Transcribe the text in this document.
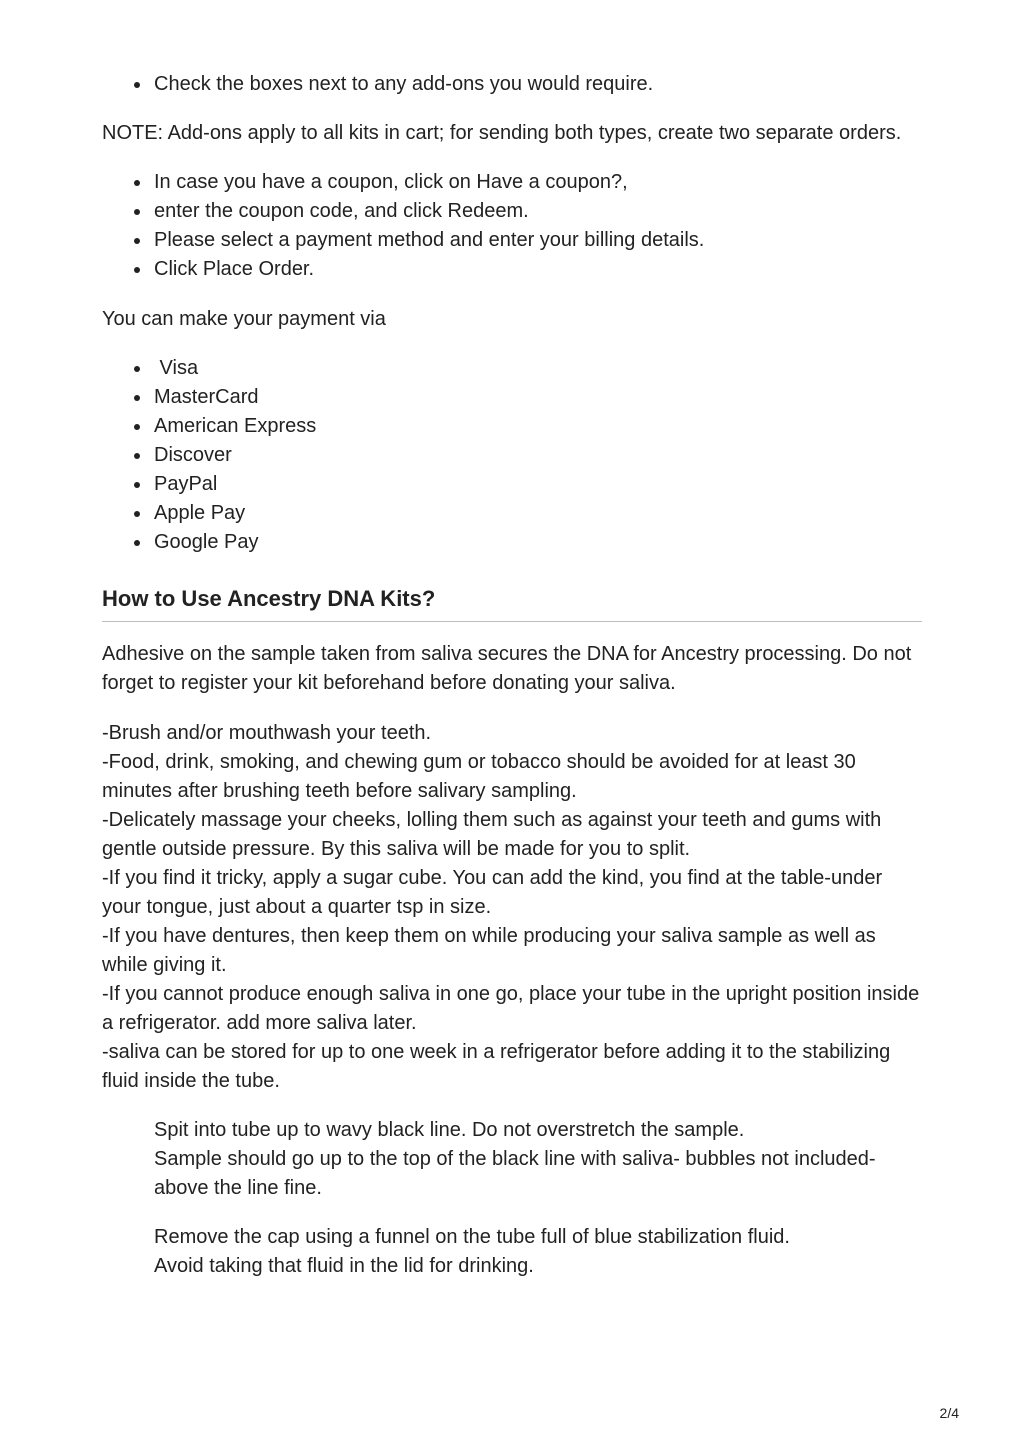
Check the boxes next to any add-ons you would require.

NOTE: Add-ons apply to all kits in cart; for sending both types, create two separate orders.

In case you have a coupon, click on Have a coupon?,
enter the coupon code, and click Redeem.
Please select a payment method and enter your billing details.
Click Place Order.

You can make your payment via

Visa
MasterCard
American Express
Discover
PayPal
Apple Pay
Google Pay
How to Use Ancestry DNA Kits?

Adhesive on the sample taken from saliva secures the DNA for Ancestry processing. Do not forget to register your kit beforehand before donating your saliva.

-Brush and/or mouthwash your teeth.

-Food, drink, smoking, and chewing gum or tobacco should be avoided for at least 30 minutes after brushing teeth before salivary sampling.

-Delicately massage your cheeks, lolling them such as against your teeth and gums with gentle outside pressure. By this saliva will be made for you to split.

-If you find it tricky, apply a sugar cube. You can add the kind, you find at the table-under your tongue, just about a quarter tsp in size.

-If you have dentures, then keep them on while producing your saliva sample as well as while giving it.

-If you cannot produce enough saliva in one go, place your tube in the upright position inside a refrigerator. add more saliva later.

-saliva can be stored for up to one week in a refrigerator before adding it to the stabilizing fluid inside the tube.

Spit into tube up to wavy black line. Do not overstretch the sample.

Sample should go up to the top of the black line with saliva- bubbles not included- above the line fine.

Remove the cap using a funnel on the tube full of blue stabilization fluid.

Avoid taking that fluid in the lid for drinking.

2/4
